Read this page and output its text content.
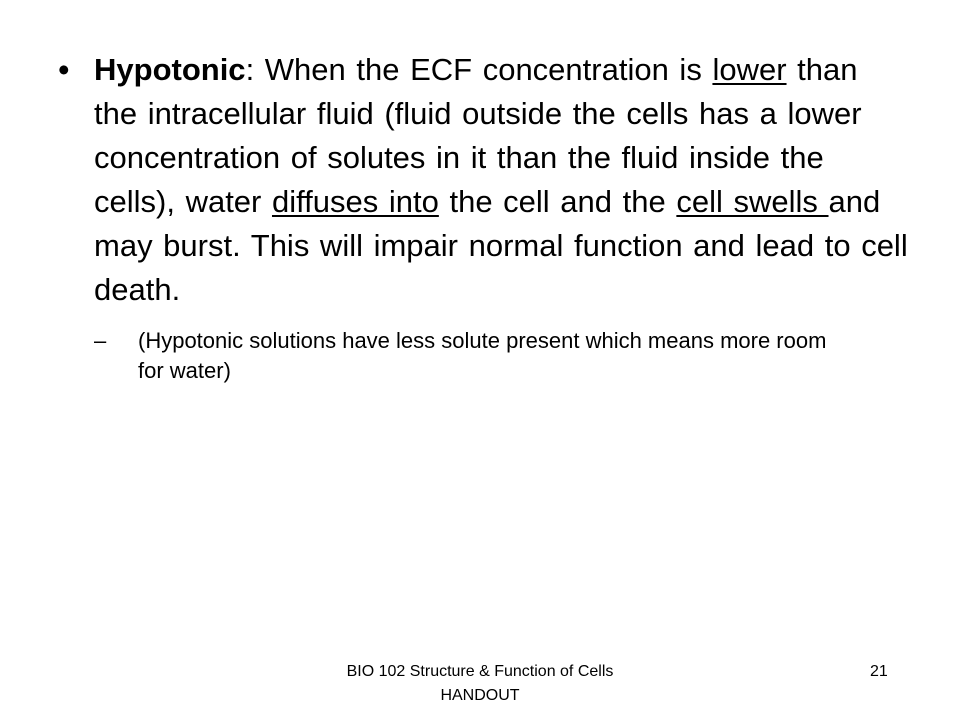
• Hypotonic: When the ECF concentration is lower than the intracellular fluid (fluid outside the cells has a lower concentration of solutes in it than the fluid inside the cells), water diffuses into the cell and the cell swells and may burst. This will impair normal function and lead to cell death.
–	(Hypotonic solutions have less solute present which means more room for water)
BIO 102 Structure & Function of Cells HANDOUT
21
